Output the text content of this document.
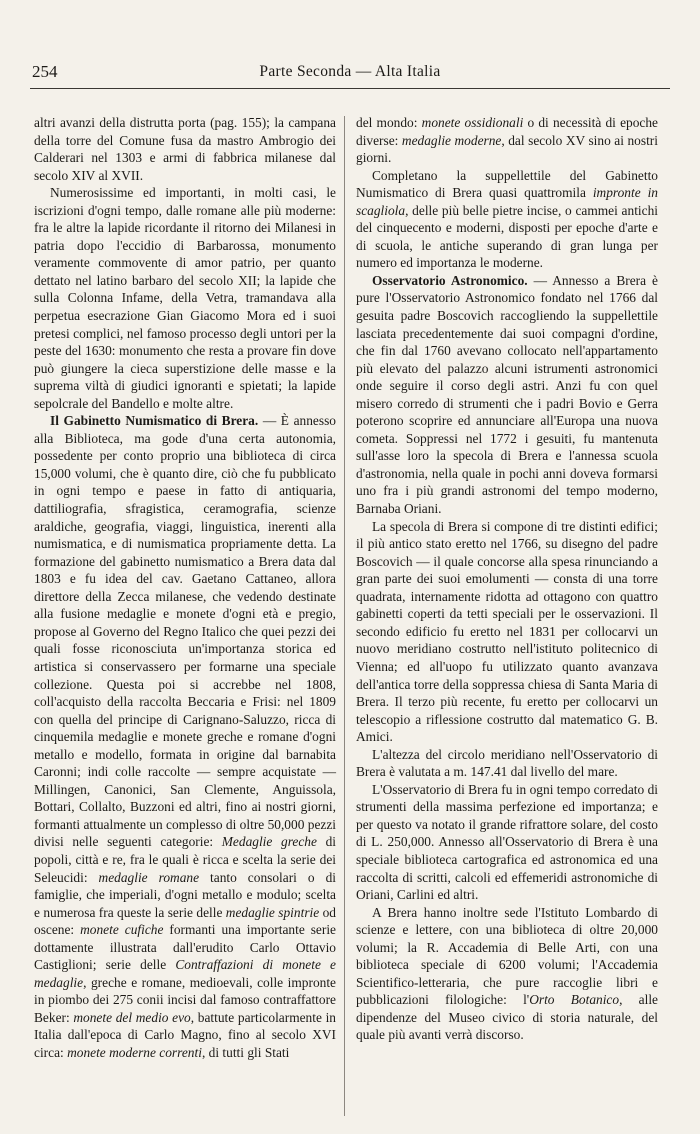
254	Parte Seconda — Alta Italia

altri avanzi della distrutta porta (pag. 155); la campana della torre del Comune fusa da mastro Ambrogio dei Calderari nel 1303 e armi di fabbrica milanese dal secolo XIV al XVII.

Numerosissime ed importanti, in molti casi, le iscrizioni d'ogni tempo, dalle romane alle più moderne: fra le altre la lapide ricordante il ritorno dei Milanesi in patria dopo l'eccidio di Barbarossa, monumento veramente commovente di amor patrio, per quanto dettato nel latino barbaro del secolo XII; la lapide che sulla Colonna Infame, della Vetra, tramandava alla perpetua esecrazione Gian Giacomo Mora ed i suoi pretesi complici, nel famoso processo degli untori per la peste del 1630: monumento che resta a provare fin dove può giungere la cieca superstizione delle masse e la suprema viltà di giudici ignoranti e spietati; la lapide sepolcrale del Bandello e molte altre.

Il Gabinetto Numismatico di Brera. — È annesso alla Biblioteca, ma gode d'una certa autonomia, possedente per conto proprio una biblioteca di circa 15,000 volumi, che è quanto dire, ciò che fu pubblicato in ogni tempo e paese in fatto di antiquaria, dattiliografia, sfragistica, ceramografia, scienze araldiche, geografia, viaggi, linguistica, inerenti alla numismatica, e di numismatica propriamente detta. La formazione del gabinetto numismatico a Brera data dal 1803 e fu idea del cav. Gaetano Cattaneo, allora direttore della Zecca milanese, che vedendo destinate alla fusione medaglie e monete d'ogni età e pregio, propose al Governo del Regno Italico che quei pezzi dei quali fosse riconosciuta un'importanza storica ed artistica si conservassero per formarne una speciale collezione. Questa poi si accrebbe nel 1808, coll'acquisto della raccolta Beccaria e Frisi: nel 1809 con quella del principe di Carignano-Saluzzo, ricca di cinquemila medaglie e monete greche e romane d'ogni metallo e modello, formata in origine dal barnabita Caronni; indi colle raccolte — sempre acquistate — Millingen, Canonici, San Clemente, Anguissola, Bottari, Collalto, Buzzoni ed altri, fino ai nostri giorni, formanti attualmente un complesso di oltre 50,000 pezzi divisi nelle seguenti categorie: Medaglie greche di popoli, città e re, fra le quali è ricca e scelta la serie dei Seleucidi: medaglie romane tanto consolari o di famiglie, che imperiali, d'ogni metallo e modulo; scelta e numerosa fra queste la serie delle medaglie spintrie od oscene: monete cufiche formanti una importante serie dottamente illustrata dall'erudito Carlo Ottavio Castiglioni; serie delle Contraffazioni di monete e medaglie, greche e romane, medioevali, colle impronte in piombo dei 275 conii incisi dal famoso contraffattore Beker: monete del medio evo, battute particolarmente in Italia dall'epoca di Carlo Magno, fino al secolo XVI circa: monete moderne correnti, di tutti gli Stati

del mondo: monete ossidionali o di necessità di epoche diverse: medaglie moderne, dal secolo XV sino ai nostri giorni.

Completano la suppellettile del Gabinetto Numismatico di Brera quasi quattromila impronte in scagliola, delle più belle pietre incise, o cammei antichi del cinquecento e moderni, disposti per epoche d'arte e di scuola, le antiche superando di gran lunga per numero ed importanza le moderne.

Osservatorio Astronomico. — Annesso a Brera è pure l'Osservatorio Astronomico fondato nel 1766 dal gesuita padre Boscovich raccogliendo la suppellettile lasciata precedentemente dai suoi compagni d'ordine, che fin dal 1760 avevano collocato nell'appartamento più elevato del palazzo alcuni istrumenti astronomici onde seguire il corso degli astri. Anzi fu con quel misero corredo di strumenti che i padri Bovio e Gerra poterono scoprire ed annunciare all'Europa una nuova cometa. Soppressi nel 1772 i gesuiti, fu mantenuta sull'asse loro la specola di Brera e l'annessa scuola d'astronomia, nella quale in pochi anni doveva formarsi uno fra i più grandi astronomi del tempo moderno, Barnaba Oriani.

La specola di Brera si compone di tre distinti edifici; il più antico stato eretto nel 1766, su disegno del padre Boscovich — il quale concorse alla spesa rinunciando a gran parte dei suoi emolumenti — consta di una torre quadrata, internamente ridotta ad ottagono con quattro gabinetti coperti da tetti speciali per le osservazioni. Il secondo edificio fu eretto nel 1831 per collocarvi un nuovo meridiano costrutto nell'istituto politecnico di Vienna; ed all'uopo fu utilizzato quanto avanzava dell'antica torre della soppressa chiesa di Santa Maria di Brera. Il terzo più recente, fu eretto per collocarvi un telescopio a riflessione costrutto dal matematico G. B. Amici.

L'altezza del circolo meridiano nell'Osservatorio di Brera è valutata a m. 147.41 dal livello del mare.

L'Osservatorio di Brera fu in ogni tempo corredato di strumenti della massima perfezione ed importanza; e per questo va notato il grande rifrattore solare, del costo di L. 250,000. Annesso all'Osservatorio di Brera è una speciale biblioteca cartografica ed astronomica ed una raccolta di scritti, calcoli ed effemeridi astronomiche di Oriani, Carlini ed altri.

A Brera hanno inoltre sede l'Istituto Lombardo di scienze e lettere, con una biblioteca di oltre 20,000 volumi; la R. Accademia di Belle Arti, con una biblioteca speciale di 6200 volumi; l'Accademia Scientifico-letteraria, che pure raccoglie libri e pubblicazioni filologiche: l'Orto Botanico, alle dipendenze del Museo civico di storia naturale, del quale più avanti verrà discorso.
